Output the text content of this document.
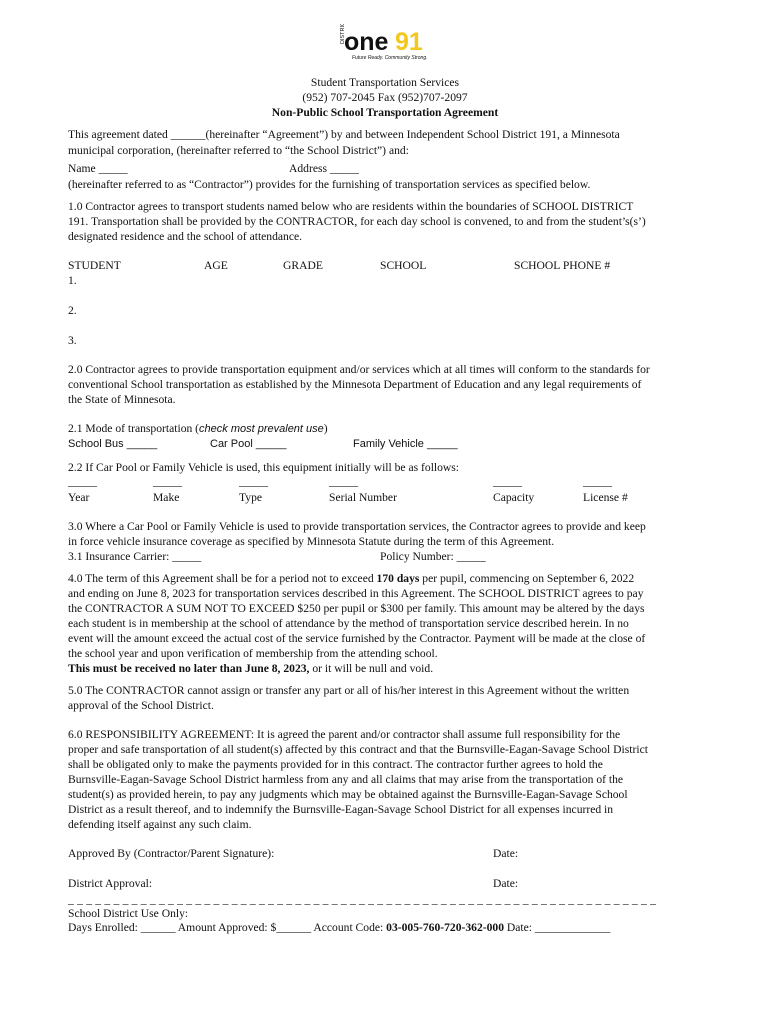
DISTRICT
one 91
Future Ready. Community Strong.
Student Transportation Services
(952) 707-2045 Fax (952)707-2097
Non-Public School Transportation Agreement
This agreement dated ______(hereinafter “Agreement”) by and between Independent School District 191, a Minnesota
municipal corporation, (hereinafter referred to “the School District”) and:
Name _____	Address _____
(hereinafter referred to as “Contractor”) provides for the furnishing of transportation services as specified below.
1.0 Contractor agrees to transport students named below who are residents within the boundaries of SCHOOL DISTRICT
191. Transportation shall be provided by the CONTRACTOR, for each day school is convened, to and from the student’s(s’)
designated residence and the school of attendance.
STUDENT	AGE	GRADE	SCHOOL	SCHOOL PHONE #
1.
2.
3.
2.0 Contractor agrees to provide transportation equipment and/or services which at all times will conform to the standards for
conventional School transportation as established by the Minnesota Department of Education and any legal requirements of
the State of Minnesota.
2.1 Mode of transportation (check most prevalent use)
School Bus _____	Car Pool _____	Family Vehicle _____
2.2 If Car Pool or Family Vehicle is used, this equipment initially will be as follows:
_____	_____	_____	_____	_____	_____
Year	Make	Type	Serial Number	Capacity	License #
3.0 Where a Car Pool or Family Vehicle is used to provide transportation services, the Contractor agrees to provide and keep
in force vehicle insurance coverage as specified by Minnesota Statute during the term of this Agreement.
3.1 Insurance Carrier: _____	Policy Number: _____
4.0 The term of this Agreement shall be for a period not to exceed 170 days per pupil, commencing on September 6, 2022
and ending on June 8, 2023 for transportation services described in this Agreement. The SCHOOL DISTRICT agrees to pay
the CONTRACTOR A SUM NOT TO EXCEED $250 per pupil or $300 per family. This amount may be altered by the days
each student is in membership at the school of attendance by the method of transportation service described herein. In no
event will the amount exceed the actual cost of the service furnished by the Contractor. Payment will be made at the close of
the school year and upon verification of membership from the attending school.
This must be received no later than June 8, 2023, or it will be null and void.
5.0 The CONTRACTOR cannot assign or transfer any part or all of his/her interest in this Agreement without the written
approval of the School District.
6.0 RESPONSIBILITY AGREEMENT: It is agreed the parent and/or contractor shall assume full responsibility for the
proper and safe transportation of all student(s) affected by this contract and that the Burnsville-Eagan-Savage School District
shall be obligated only to make the payments provided for in this contract. The contractor further agrees to hold the
Burnsville-Eagan-Savage School District harmless from any and all claims that may arise from the transportation of the
student(s) as provided herein, to pay any judgments which may be obtained against the Burnsville-Eagan-Savage School
District as a result thereof, and to indemnify the Burnsville-Eagan-Savage School District for all expenses incurred in
defending itself against any such claim.
Approved By (Contractor/Parent Signature):	Date:
District Approval:	Date:
_ _ _ _ _ _ _ _ _ _ _ _ _ _ _ _ _ _ _ _ _ _ _ _ _ _ _ _ _ _ _ _ _ _ _ _ _ _ _ _ _ _ _ _ _ _ _ _ _ _ _ _ _ _ _ _ _ _ _ _ _ _ _ _ _
School District Use Only:
Days Enrolled: ______ Amount Approved: $______ Account Code: 03-005-760-720-362-000 Date: _____________
